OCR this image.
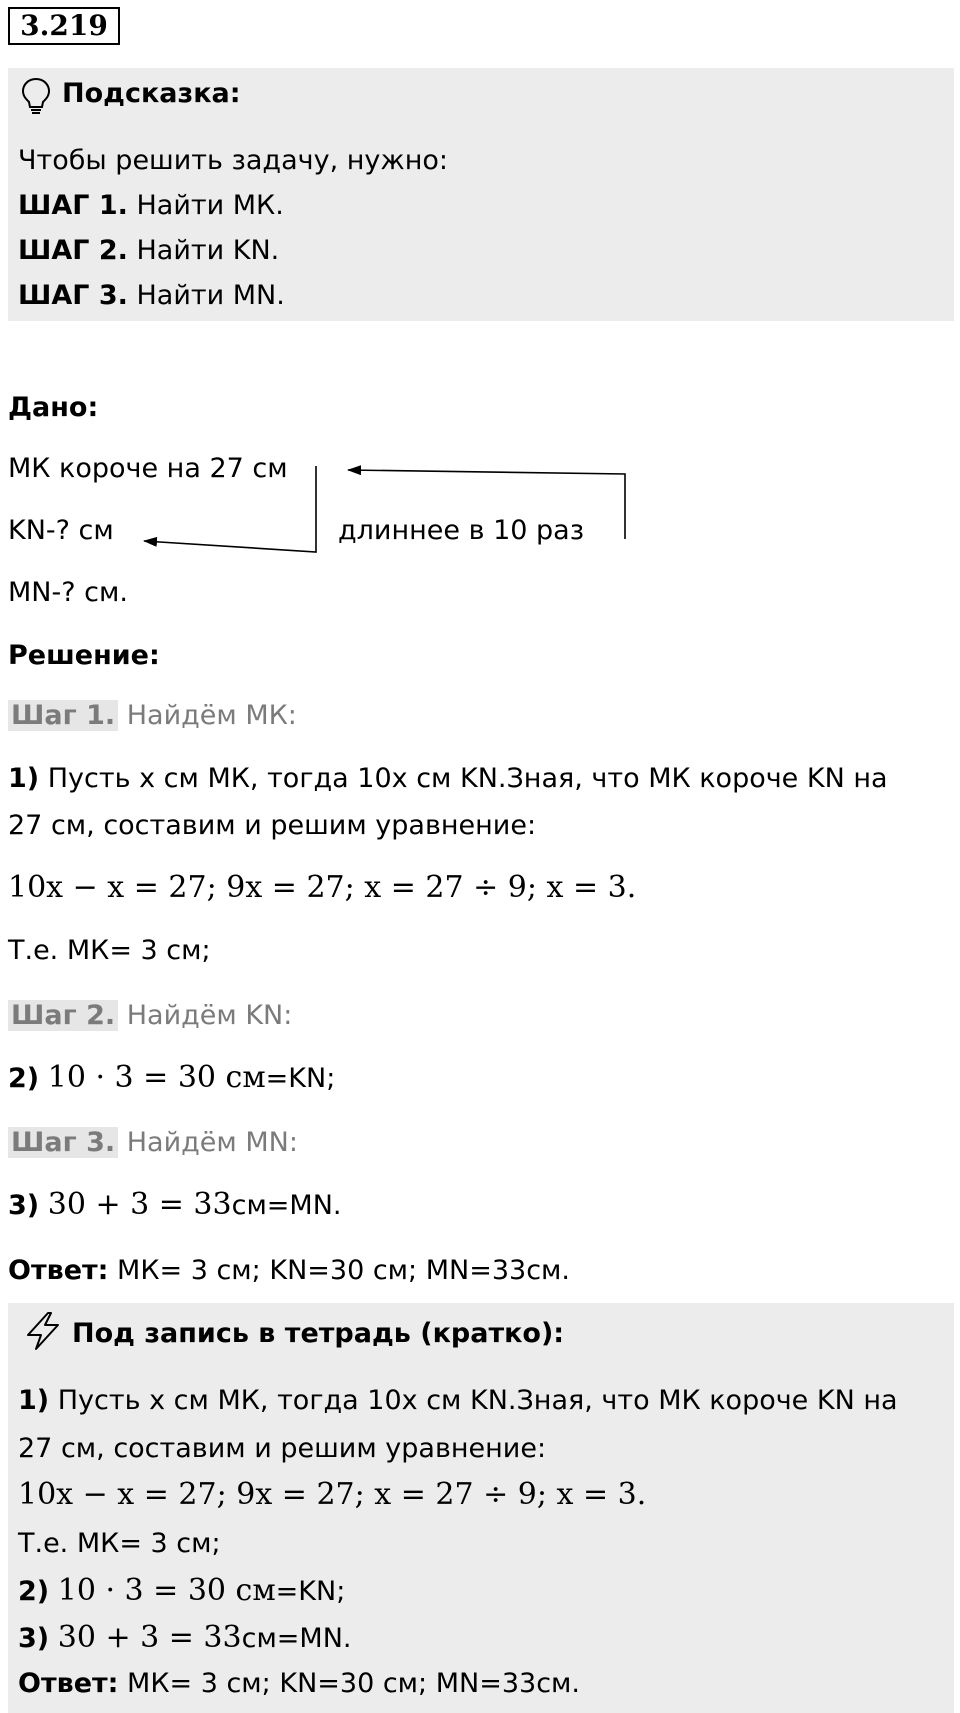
3.219
Подсказка:
Чтобы решить задачу, нужно:
ШАГ 1. Найти МК.
ШАГ 2. Найти KN.
ШАГ 3. Найти MN.
Дано:
МК короче на 27 см
KN-? см
MN-? см.
длиннее в 10 раз
Решение:
Шаг 1. Найдём МК:
1) Пусть x см МК, тогда 10x см KN.Зная, что МК короче KN на
27 см, составим и решим уравнение:
10x − x = 27; 9x = 27; x = 27 ÷ 9; x = 3.
Т.е. МК= 3 см;
Шаг 2. Найдём KN:
2) 10 · 3 = 30 см=KN;
Шаг 3. Найдём MN:
3) 30 + 3 = 33см=MN.
Ответ: МК= 3 см; KN=30 см; MN=33см.
Под запись в тетрадь (кратко):
1) Пусть x см МК, тогда 10x см KN.Зная, что МК короче KN на
27 см, составим и решим уравнение:
10x − x = 27; 9x = 27; x = 27 ÷ 9; x = 3.
Т.е. МК= 3 см;
2) 10 · 3 = 30 см=KN;
3) 30 + 3 = 33см=MN.
Ответ: МК= 3 см; KN=30 см; MN=33см.
